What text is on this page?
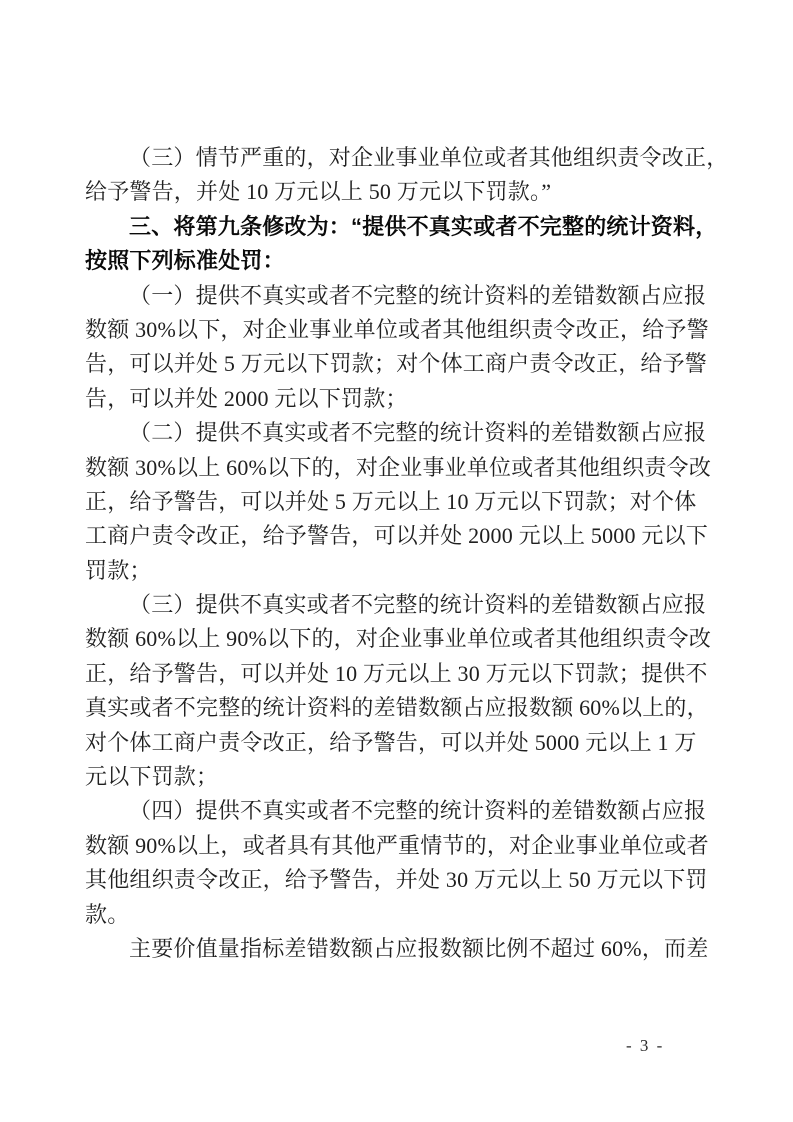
（三）情节严重的，对企业事业单位或者其他组织责令改正，
给予警告，并处 10 万元以上 50 万元以下罚款。”
三、将第九条修改为：“提供不真实或者不完整的统计资料，
按照下列标准处罚：
（一）提供不真实或者不完整的统计资料的差错数额占应报
数额 30%以下，对企业事业单位或者其他组织责令改正，给予警
告，可以并处 5 万元以下罚款；对个体工商户责令改正，给予警
告，可以并处 2000 元以下罚款；
（二）提供不真实或者不完整的统计资料的差错数额占应报
数额 30%以上 60%以下的，对企业事业单位或者其他组织责令改
正，给予警告，可以并处 5 万元以上 10 万元以下罚款；对个体
工商户责令改正，给予警告，可以并处 2000 元以上 5000 元以下
罚款；
（三）提供不真实或者不完整的统计资料的差错数额占应报
数额 60%以上 90%以下的，对企业事业单位或者其他组织责令改
正，给予警告，可以并处 10 万元以上 30 万元以下罚款；提供不
真实或者不完整的统计资料的差错数额占应报数额 60%以上的，
对个体工商户责令改正，给予警告，可以并处 5000 元以上 1 万
元以下罚款；
（四）提供不真实或者不完整的统计资料的差错数额占应报
数额 90%以上，或者具有其他严重情节的，对企业事业单位或者
其他组织责令改正，给予警告，并处 30 万元以上 50 万元以下罚
款。
主要价值量指标差错数额占应报数额比例不超过 60%，而差
- 3 -
